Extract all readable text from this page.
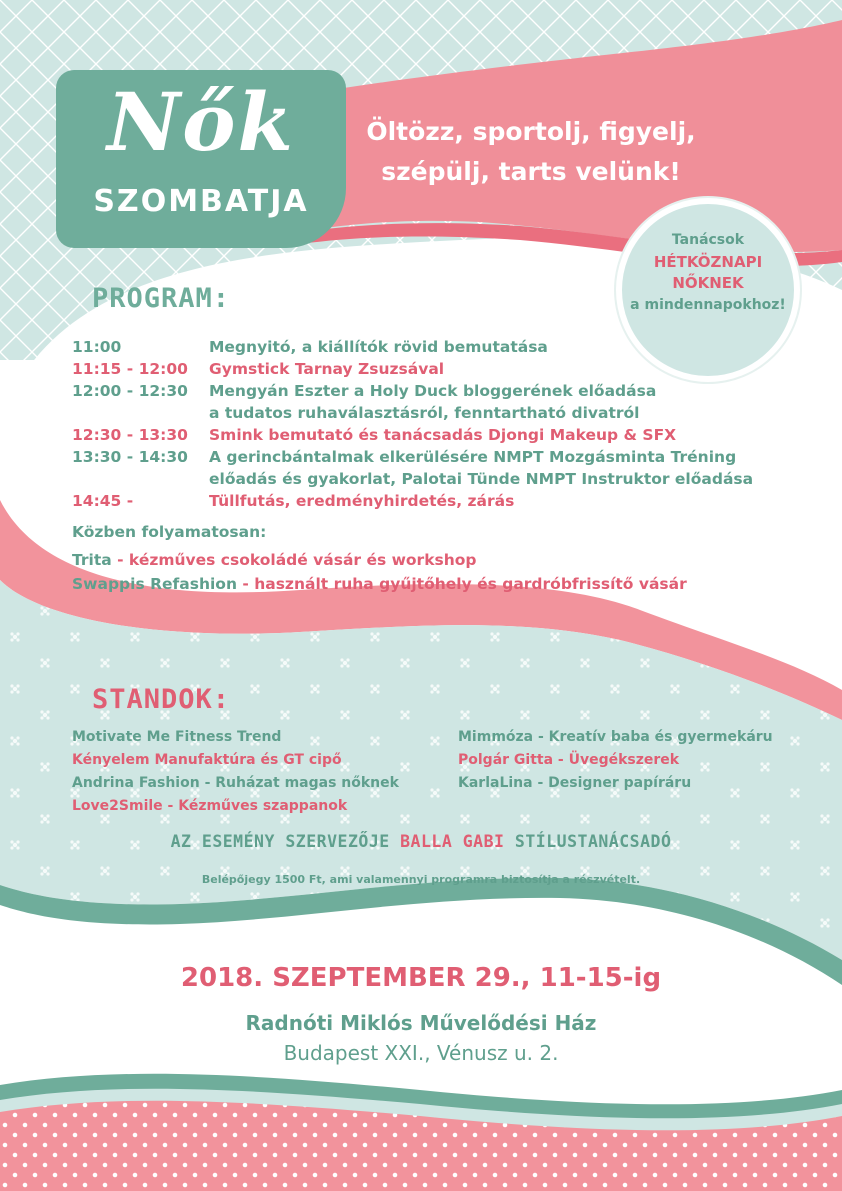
Nők
SZOMBATJA
Öltözz, sportolj, figyelj,
szépülj, tarts velünk!
Tanácsok
HÉTKÖZNAPI
NŐKNEK
a mindennapokhoz!
PROGRAM:
11:00	Megnyitó, a kiállítók rövid bemutatása
11:15 - 12:00	Gymstick Tarnay Zsuzsával
12:00 - 12:30	Mengyán Eszter a Holy Duck bloggerének előadása
a tudatos ruhaválasztásról, fenntartható divatról
12:30 - 13:30	Smink bemutató és tanácsadás Djongi Makeup & SFX
13:30 - 14:30	A gerincbántalmak elkerülésére NMPT Mozgásminta Tréning
előadás és gyakorlat, Palotai Tünde NMPT Instruktor előadása
14:45 -	Tüllfutás, eredményhirdetés, zárás
Közben folyamatosan:
Trita - kézműves csokoládé vásár és workshop
Swappis Refashion - használt ruha gyűjtőhely és gardróbfrissítő vásár
STANDOK:
Motivate Me Fitness Trend
Kényelem Manufaktúra és GT cipő
Andrina Fashion - Ruházat magas nőknek
Love2Smile - Kézműves szappanok
Mimmóza - Kreatív baba és gyermekáru
Polgár Gitta - Üvegékszerek
KarlaLina - Designer papíráru
AZ ESEMÉNY SZERVEZŐJE BALLA GABI STÍLUSTANÁCSADÓ
Belépőjegy 1500 Ft, ami valamennyi programra biztosítja a részvételt.
2018. SZEPTEMBER 29., 11-15-ig
Radnóti Miklós Művelődési Ház
Budapest XXI., Vénusz u. 2.
